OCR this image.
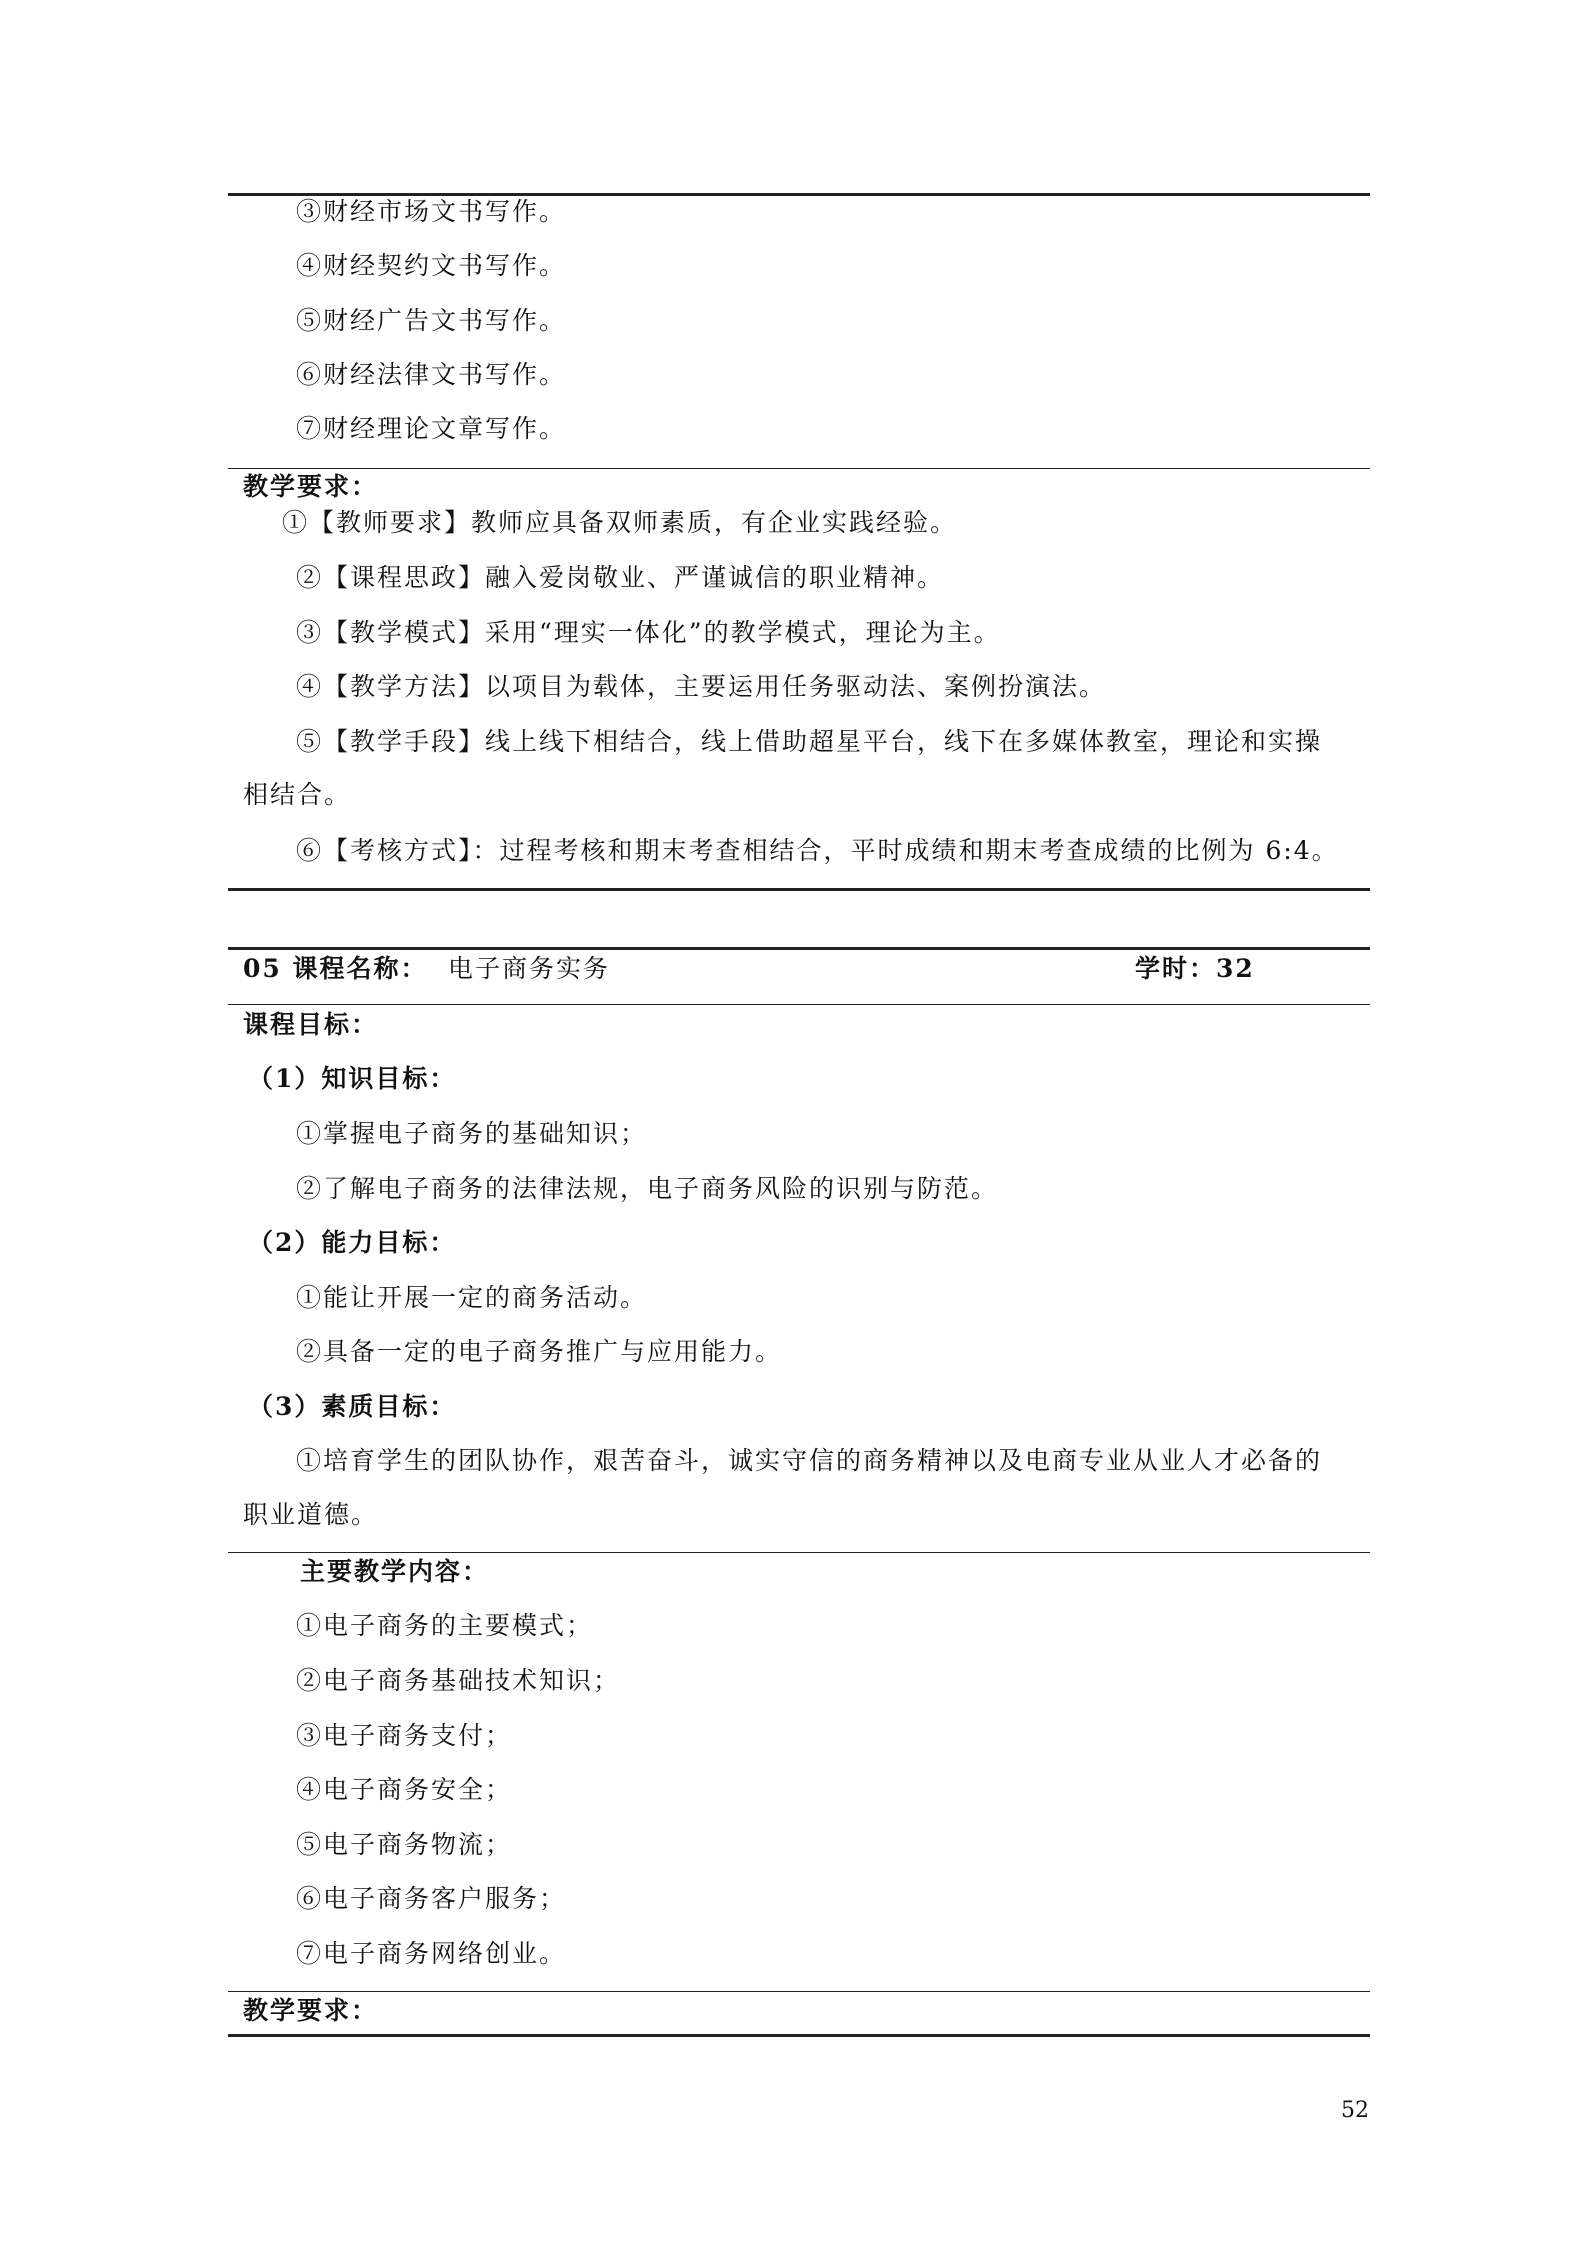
③财经市场文书写作。
④财经契约文书写作。
⑤财经广告文书写作。
⑥财经法律文书写作。
⑦财经理论文章写作。
教学要求：
①【教师要求】教师应具备双师素质，有企业实践经验。
②【课程思政】融入爱岗敬业、严谨诚信的职业精神。
③【教学模式】采用“理实一体化”的教学模式，理论为主。
④【教学方法】以项目为载体，主要运用任务驱动法、案例扮演法。
⑤【教学手段】线上线下相结合，线上借助超星平台，线下在多媒体教室，理论和实操
相结合。
⑥【考核方式】：过程考核和期末考查相结合，平时成绩和期末考查成绩的比例为 6:4。
05 课程名称： 电子商务实务	学时：32
课程目标：
（1）知识目标：
①掌握电子商务的基础知识；
②了解电子商务的法律法规，电子商务风险的识别与防范。
（2）能力目标：
①能让开展一定的商务活动。
②具备一定的电子商务推广与应用能力。
（3）素质目标：
①培育学生的团队协作，艰苦奋斗，诚实守信的商务精神以及电商专业从业人才必备的
职业道德。
主要教学内容：
①电子商务的主要模式；
②电子商务基础技术知识；
③电子商务支付；
④电子商务安全；
⑤电子商务物流；
⑥电子商务客户服务；
⑦电子商务网络创业。
教学要求：
52
